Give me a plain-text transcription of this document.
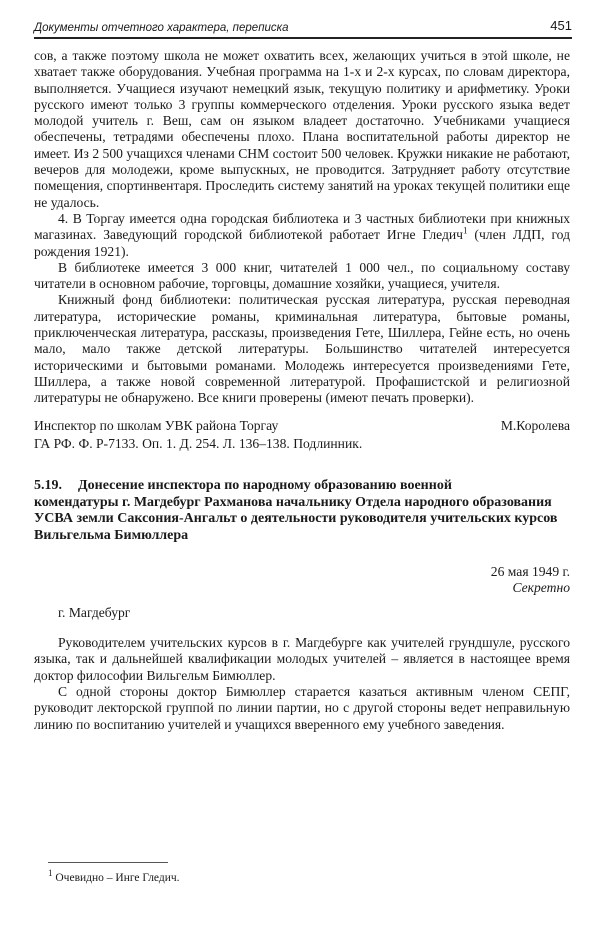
Документы отчетного характера, переписка	451

сов, а также поэтому школа не может охватить всех, желающих учиться в этой школе, не хватает также оборудования. Учебная программа на 1-х и 2-х курсах, по словам директора, выполняется. Учащиеся изучают немецкий язык, текущую политику и арифметику. Уроки русского имеют только 3 группы коммерческого отделения. Уроки русского языка ведет молодой учитель г. Веш, сам он языком владеет достаточно. Учебниками учащиеся обеспечены, тетрадями обеспечены плохо. Плана воспитательной работы директор не имеет. Из 2 500 учащихся членами СНМ состоит 500 человек. Кружки никакие не работают, вечеров для молодежи, кроме выпускных, не проводится. Затрудняет работу отсутствие помещения, спортинвентаря. Проследить систему занятий на уроках текущей политики еще не удалось.

4. В Торгау имеется одна городская библиотека и 3 частных библиотеки при книжных магазинах. Заведующий городской библиотекой работает Игне Гледич$^1$ (член ЛДП, год рождения 1921).

В библиотеке имеется 3 000 книг, читателей 1 000 чел., по социальному составу читатели в основном рабочие, торговцы, домашние хозяйки, учащиеся, учителя.

Книжный фонд библиотеки: политическая русская литература, русская переводная литература, исторические романы, криминальная литература, бытовые романы, приключенческая литература, рассказы, произведения Гете, Шиллера, Гейне есть, но очень мало, мало также детской литературы. Большинство читателей интересуется историческими и бытовыми романами. Молодежь интересуется произведениями Гете, Шиллера, а также новой современной литературой. Профашистской и религиозной литературы не обнаружено. Все книги проверены (имеют печать проверки).

Инспектор по школам УВК района Торгау	М.Королева

ГА РФ. Ф. Р-7133. Оп. 1. Д. 254. Л. 136–138. Подлинник.

5.19. Донесение инспектора по народному образованию военной

комендатуры г. Магдебург Рахманова начальнику Отдела народного образования УСВА земли Саксония-Ангальт о деятельности руководителя учительских курсов Вильгельма Бимюллера

26 мая 1949 г.

Секретно

г. Магдебург

Руководителем учительских курсов в г. Магдебурге как учителей грундшуле, русского языка, так и дальнейшей квалификации молодых учителей – является в настоящее время доктор философии Вильгельм Бимюллер.

С одной стороны доктор Бимюллер старается казаться активным членом СЕПГ, руководит лекторской группой по линии партии, но с другой стороны ведет неправильную линию по воспитанию учителей и учащихся вверенного ему учебного заведения.

$^1$ Очевидно – Инге Гледич.
